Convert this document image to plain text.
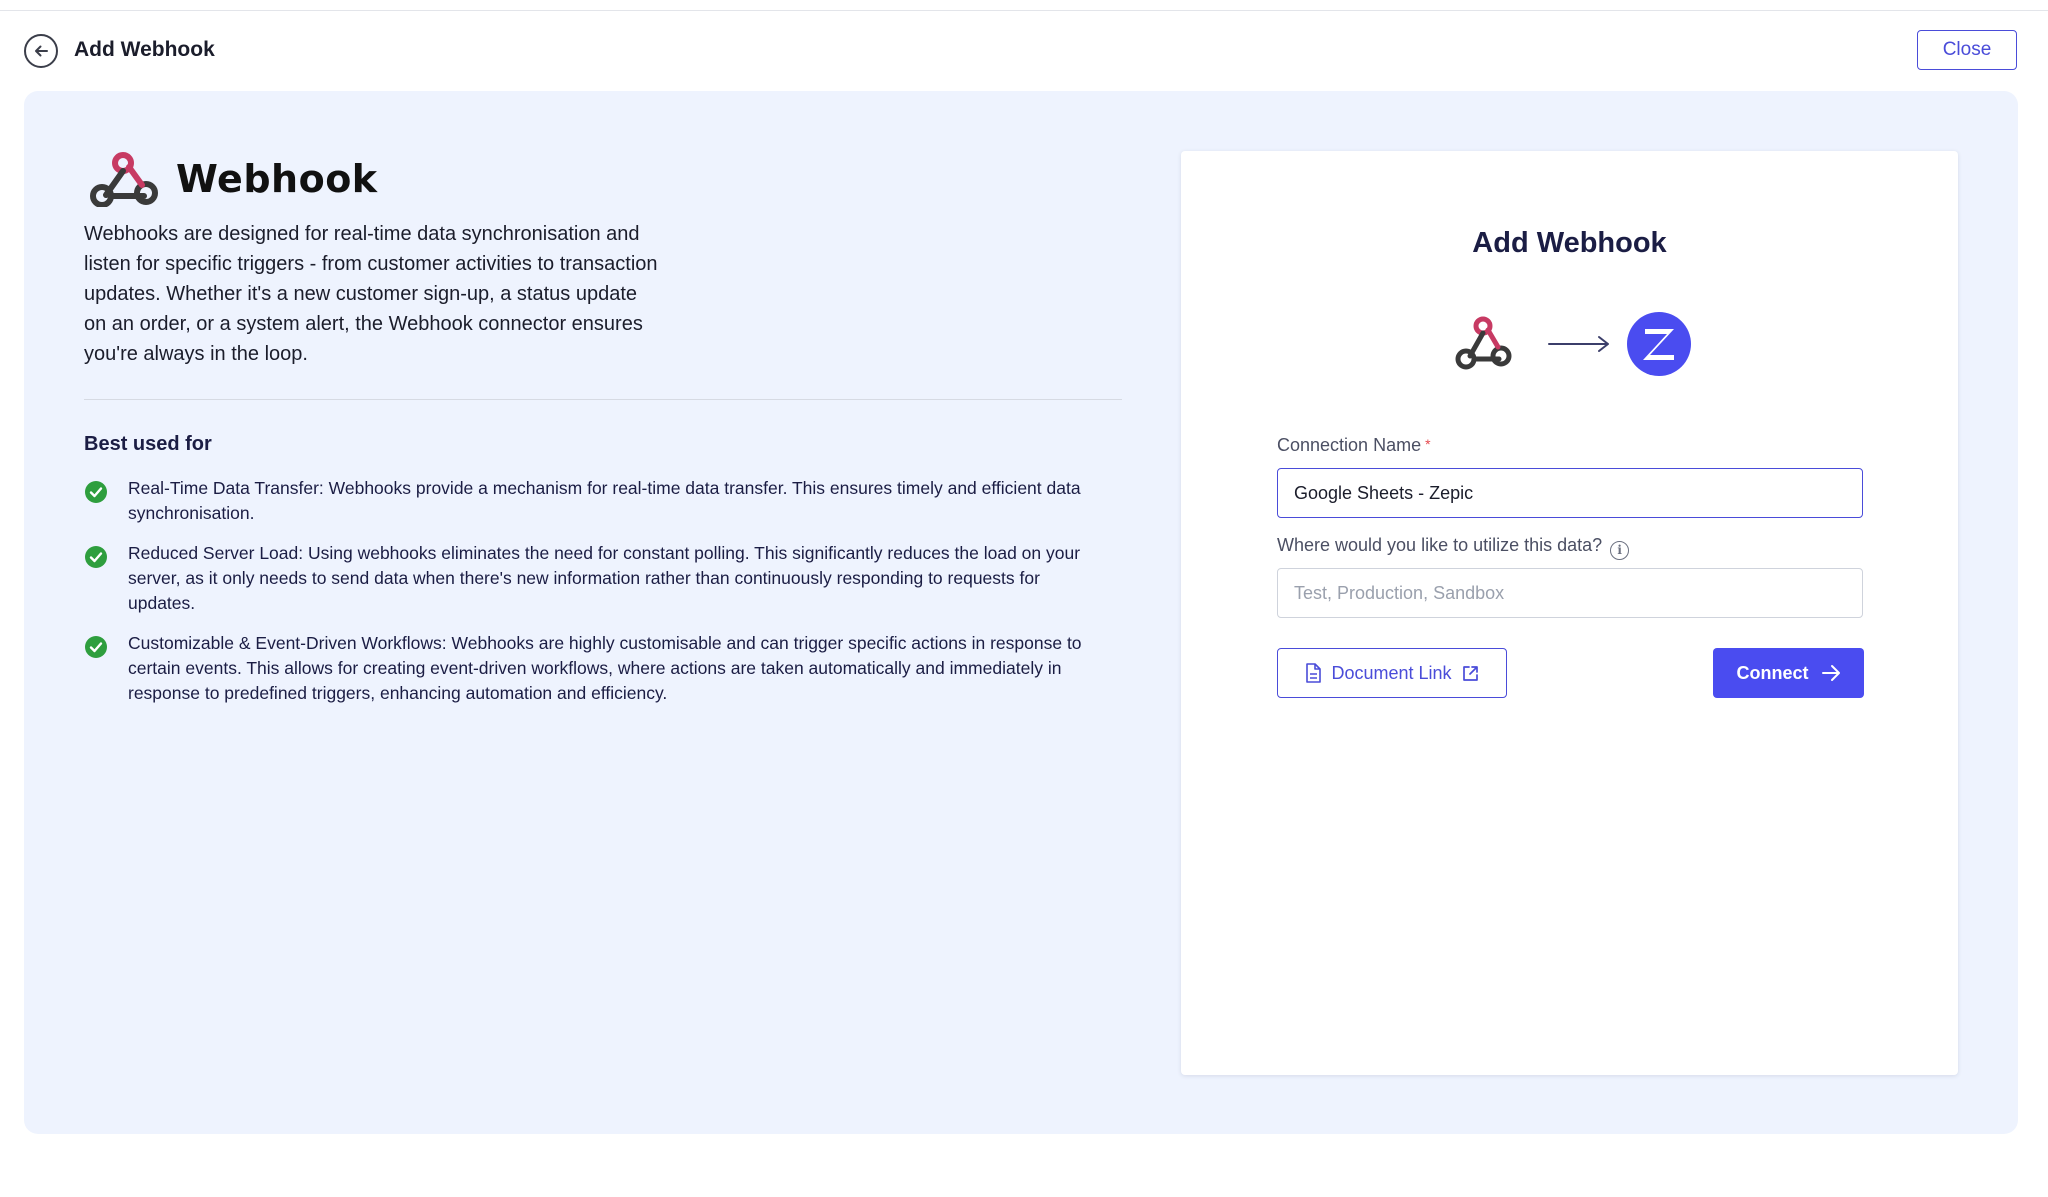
Add Webhook	Close
Webhook

Webhooks are designed for real-time data synchronisation and listen for specific triggers - from customer activities to transaction updates. Whether it's a new customer sign-up, a status update on an order, or a system alert, the Webhook connector ensures you're always in the loop.

Best used for
Real-Time Data Transfer: Webhooks provide a mechanism for real-time data transfer. This ensures timely and efficient data synchronisation.
Reduced Server Load: Using webhooks eliminates the need for constant polling. This significantly reduces the load on your server, as it only needs to send data when there's new information rather than continuously responding to requests for updates.
Customizable & Event-Driven Workflows: Webhooks are highly customisable and can trigger specific actions in response to certain events. This allows for creating event-driven workflows, where actions are taken automatically and immediately in response to predefined triggers, enhancing automation and efficiency.
Add Webhook
Connection Name *
Google Sheets - Zepic
Where would you like to utilize this data? i
Test, Production, Sandbox
Document Link	Connect
